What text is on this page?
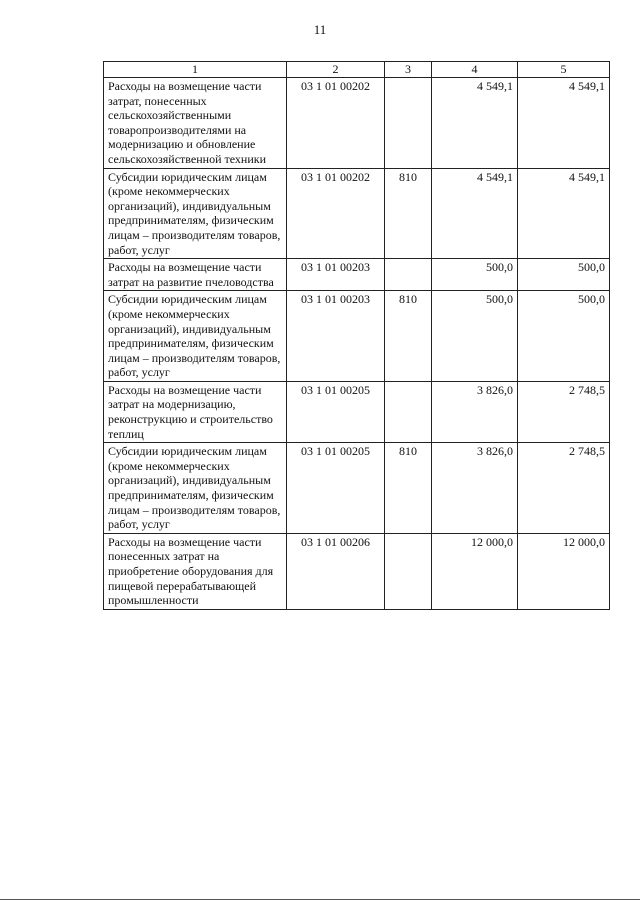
11
1	2	3	4	5
Расходы на возмещение части затрат, понесенных сельскохозяйственными товаропроизводителями на модернизацию и обновление сельскохозяйственной техники	03 1 01 00202		4 549,1	4 549,1
Субсидии юридическим лицам (кроме некоммерческих организаций), индивидуальным предпринимателям, физическим лицам – производителям товаров, работ, услуг	03 1 01 00202	810	4 549,1	4 549,1
Расходы на возмещение части затрат на развитие пчеловодства	03 1 01 00203		500,0	500,0
Субсидии юридическим лицам (кроме некоммерческих организаций), индивидуальным предпринимателям, физическим лицам – производителям товаров, работ, услуг	03 1 01 00203	810	500,0	500,0
Расходы на возмещение части затрат на модернизацию, реконструкцию и строительство теплиц	03 1 01 00205		3 826,0	2 748,5
Субсидии юридическим лицам (кроме некоммерческих организаций), индивидуальным предпринимателям, физическим лицам – производителям товаров, работ, услуг	03 1 01 00205	810	3 826,0	2 748,5
Расходы на возмещение части понесенных затрат на приобретение оборудования для пищевой перерабатывающей промышленности	03 1 01 00206		12 000,0	12 000,0
